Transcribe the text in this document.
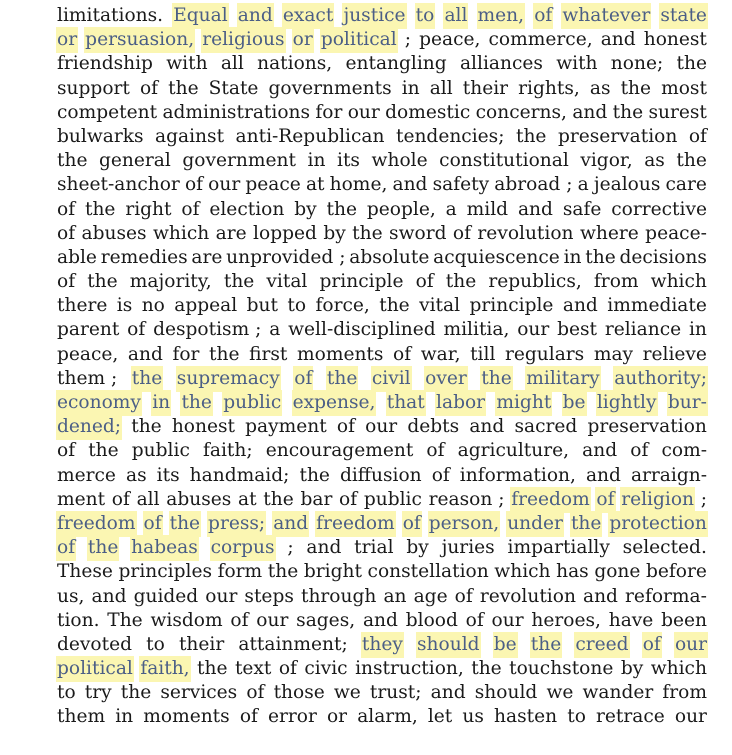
limitations. Equal and exact justice to all men, of whatever state
or persuasion, religious or political ; peace, commerce, and honest
friendship with all nations, entangling alliances with none; the
support of the State governments in all their rights, as the most
competent administrations for our domestic concerns, and the surest
bulwarks against anti-Republican tendencies; the preservation of
the general government in its whole constitutional vigor, as the
sheet-anchor of our peace at home, and safety abroad ; a jealous care
of the right of election by the people, a mild and safe corrective
of abuses which are lopped by the sword of revolution where peace-
able remedies are unprovided ; absolute acquiescence in the decisions
of the majority, the vital principle of the republics, from which
there is no appeal but to force, the vital principle and immediate
parent of despotism ; a well-disciplined militia, our best reliance in
peace, and for the first moments of war, till regulars may relieve
them ; the supremacy of the civil over the military authority;
economy in the public expense, that labor might be lightly bur-
dened; the honest payment of our debts and sacred preservation
of the public faith; encouragement of agriculture, and of com-
merce as its handmaid; the diffusion of information, and arraign-
ment of all abuses at the bar of public reason ; freedom of religion ;
freedom of the press; and freedom of person, under the protection
of the habeas corpus ; and trial by juries impartially selected.
These principles form the bright constellation which has gone before
us, and guided our steps through an age of revolution and reforma-
tion. The wisdom of our sages, and blood of our heroes, have been
devoted to their attainment; they should be the creed of our
political faith, the text of civic instruction, the touchstone by which
to try the services of those we trust; and should we wander from
them in moments of error or alarm, let us hasten to retrace our
